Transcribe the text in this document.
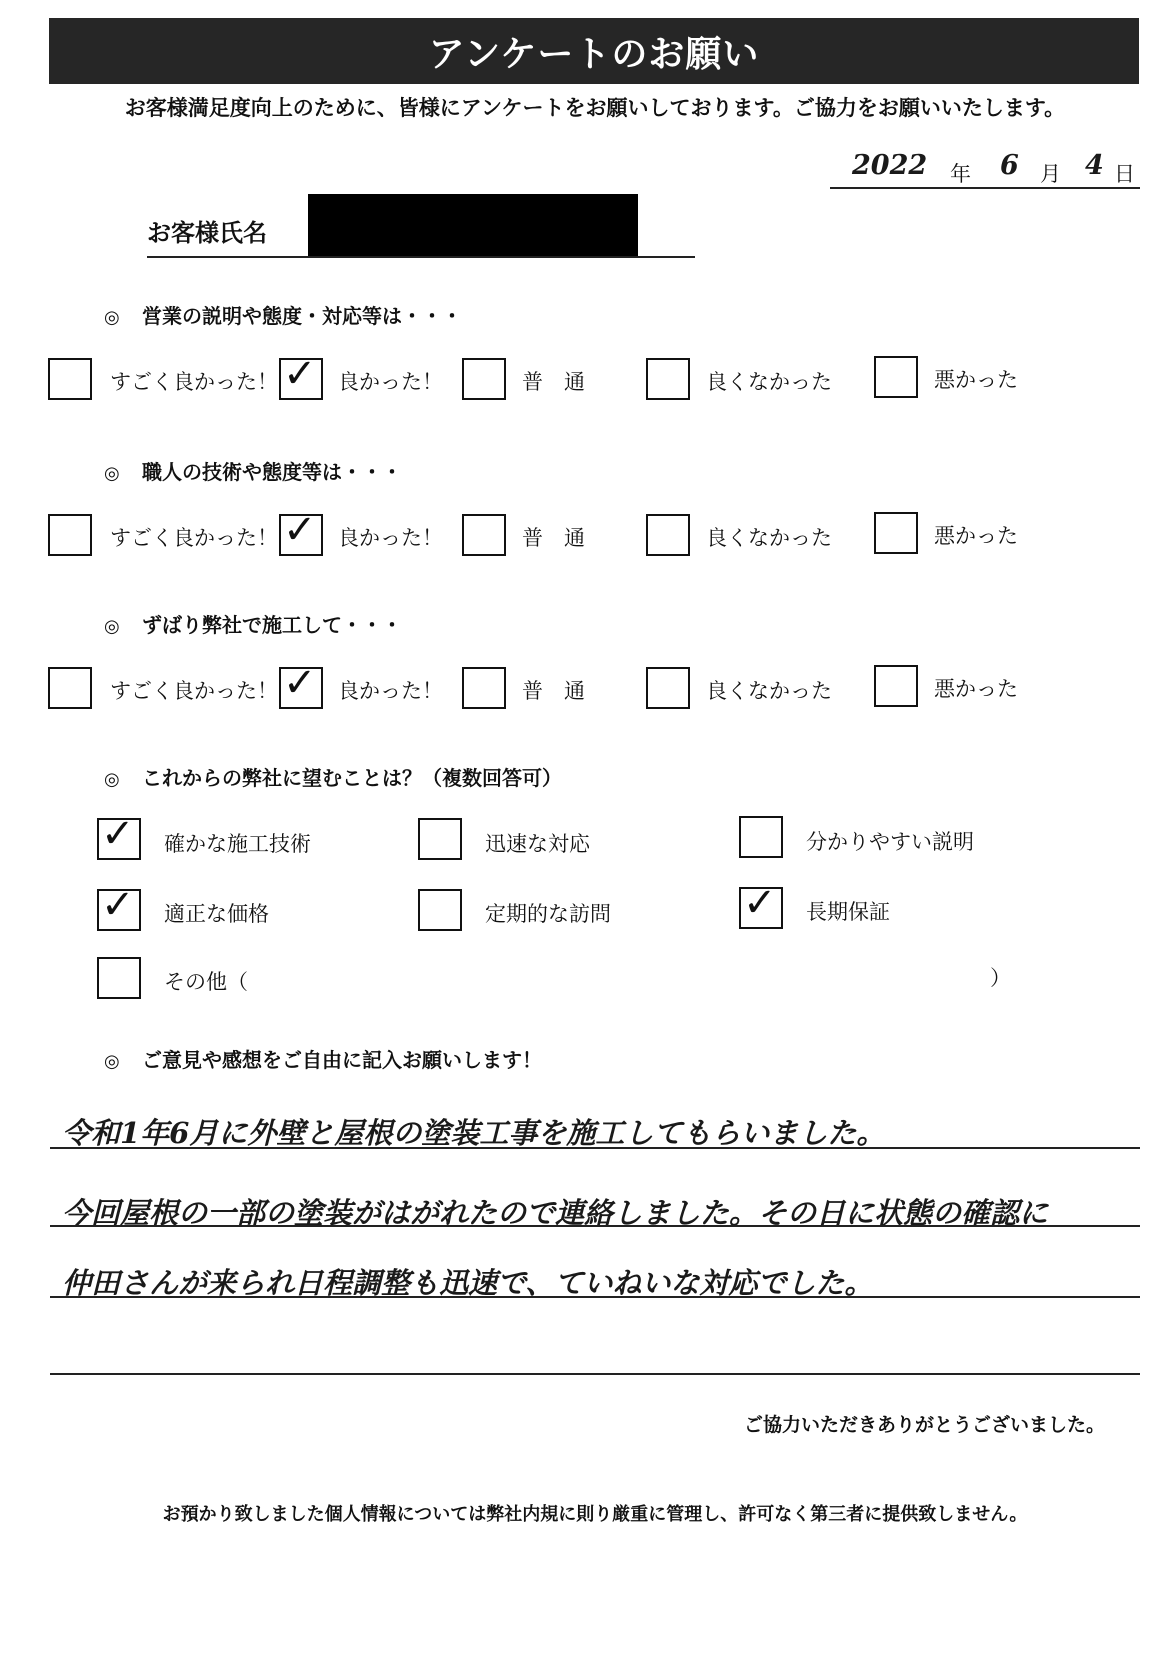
アンケートのお願い
お客様満足度向上のために、皆様にアンケートをお願いしております。ご協力をお願いいたします。
2022 年 6 月 4 日
お客様氏名
◎ 営業の説明や態度・対応等は・・・
すごく良かった！ ✓ 良かった！	普　通	良くなかった	悪かった
◎ 職人の技術や態度等は・・・
すごく良かった！ ✓ 良かった！	普　通	良くなかった	悪かった
◎ ずばり弊社で施工して・・・
すごく良かった！ ✓ 良かった！	普　通	良くなかった	悪かった
◎ これからの弊社に望むことは？（複数回答可）
✓ 確かな施工技術	迅速な対応	分かりやすい説明
✓ 適正な価格	定期的な訪問	✓ 長期保証
その他（	）
◎ ご意見や感想をご自由に記入お願いします！
令和1年6月に外壁と屋根の塗装工事を施工してもらいました。
今回屋根の一部の塗装がはがれたので連絡しました。その日に状態の確認に
仲田さんが来られ日程調整も迅速で、ていねいな対応でした。
ご協力いただきありがとうございました。
お預かり致しました個人情報については弊社内規に則り厳重に管理し、許可なく第三者に提供致しません。
